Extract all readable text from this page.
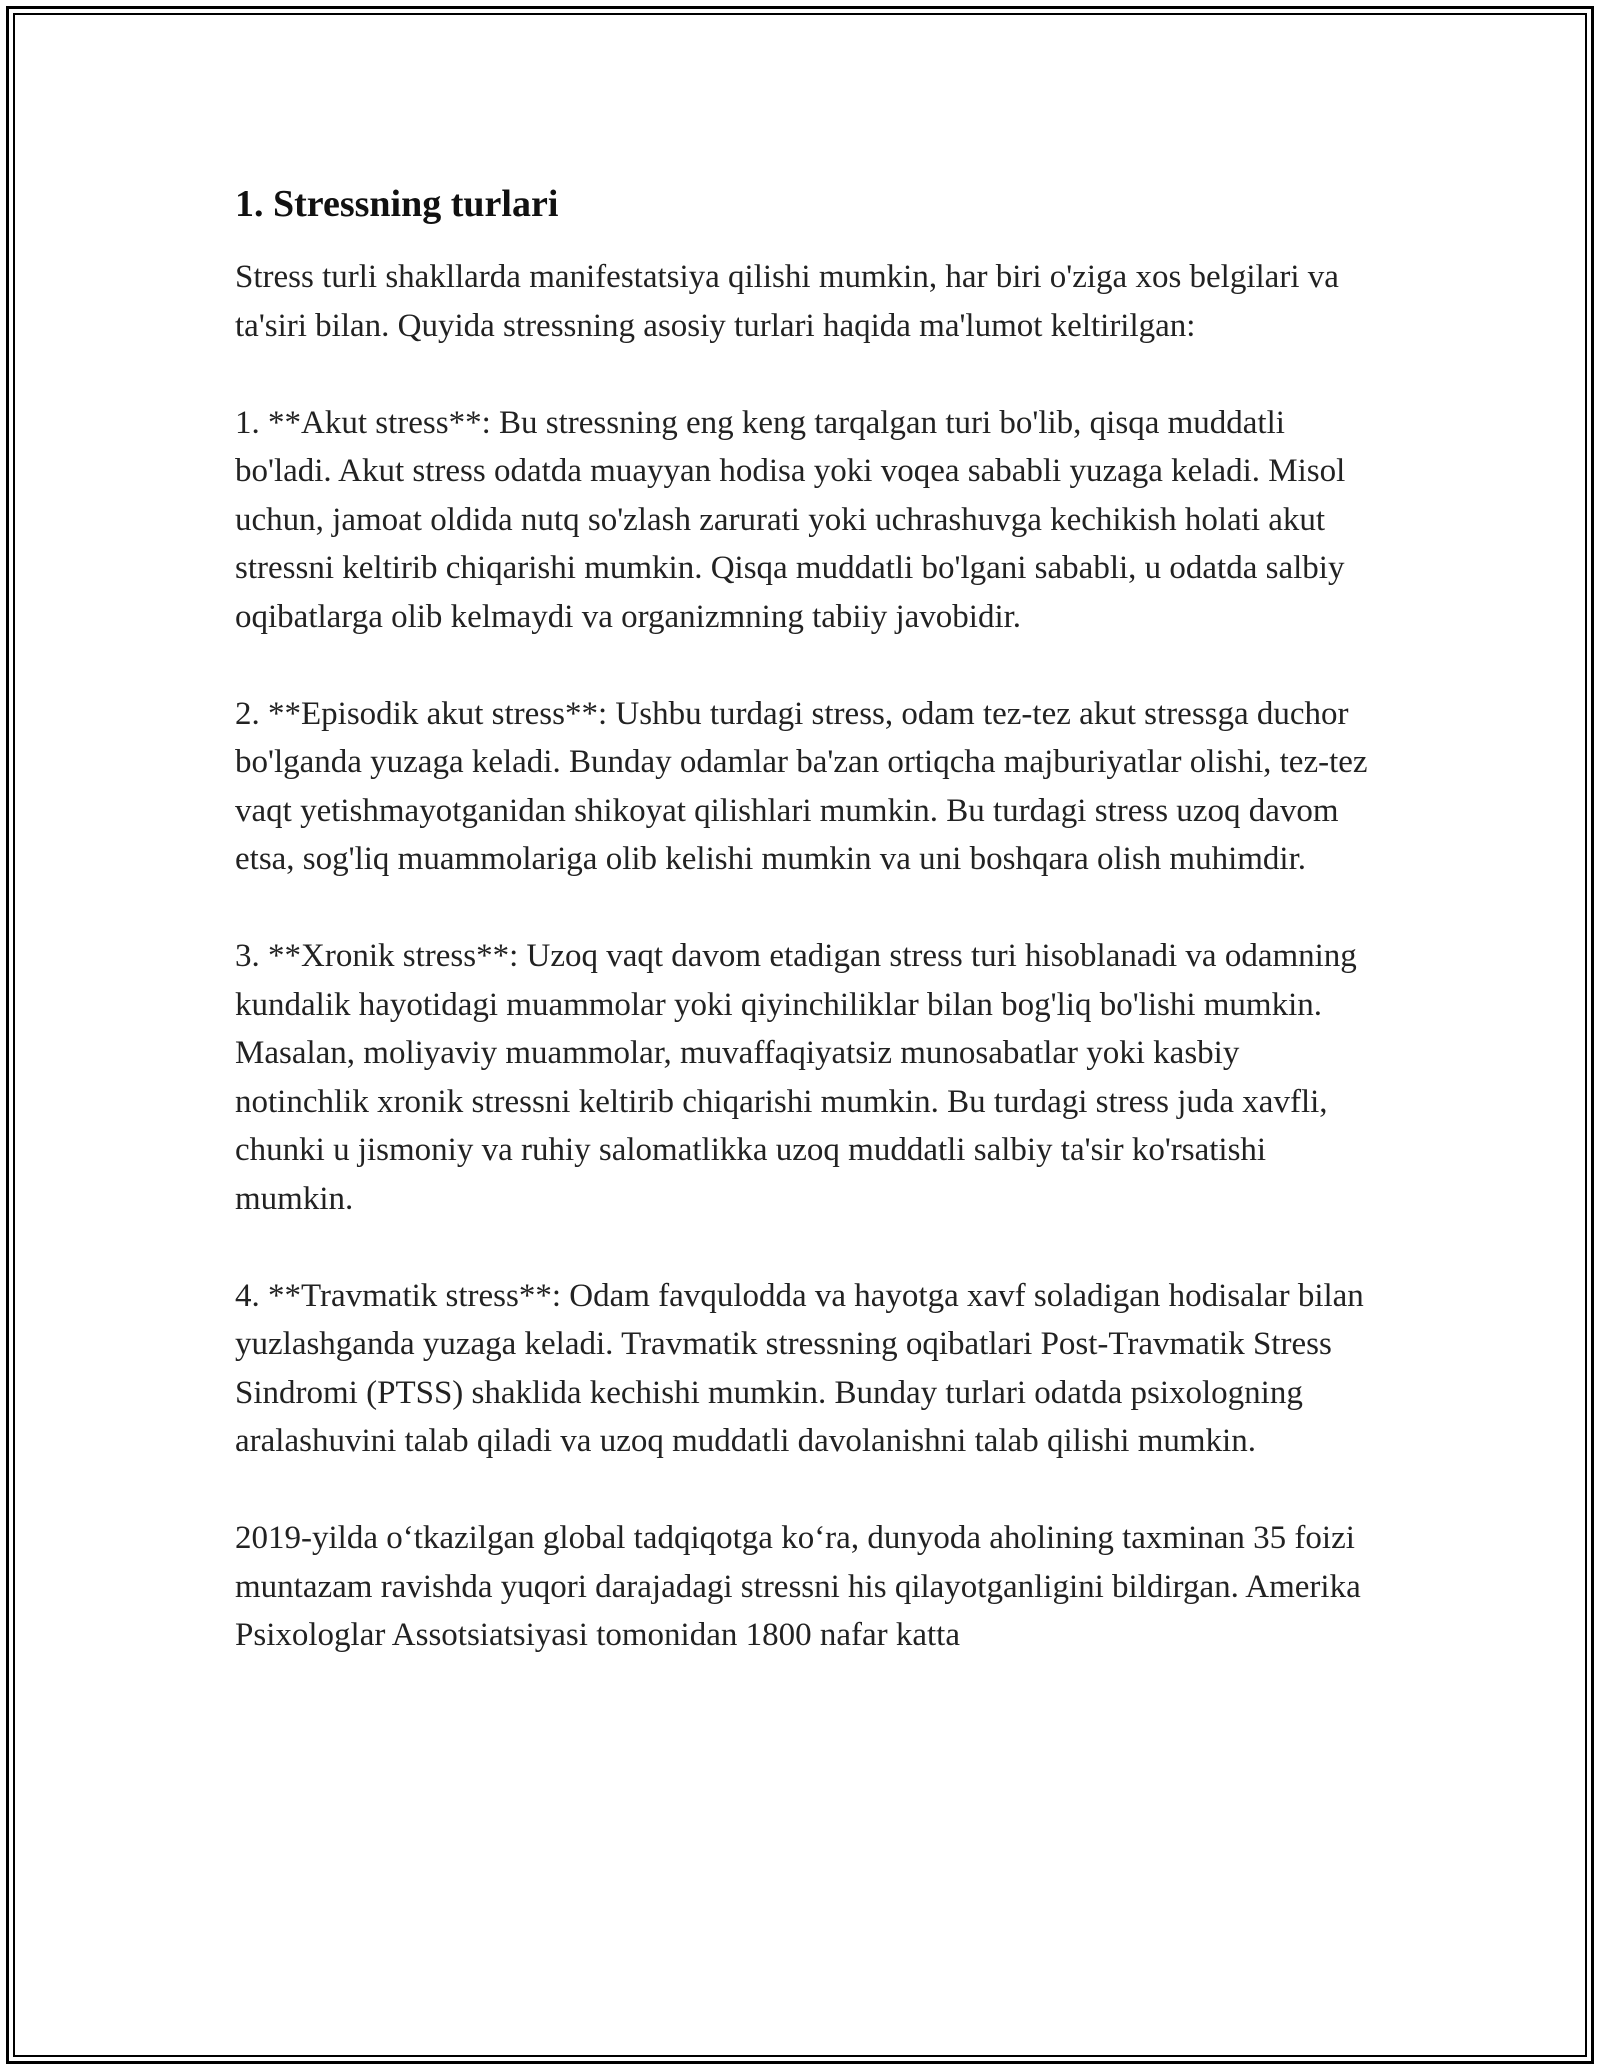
1. Stressning turlari

Stress turli shakllarda manifestatsiya qilishi mumkin, har biri o'ziga xos belgilari va ta'siri bilan. Quyida stressning asosiy turlari haqida ma'lumot keltirilgan:

1. **Akut stress**: Bu stressning eng keng tarqalgan turi bo'lib, qisqa muddatli bo'ladi. Akut stress odatda muayyan hodisa yoki voqea sababli yuzaga keladi. Misol uchun, jamoat oldida nutq so'zlash zarurati yoki uchrashuvga kechikish holati akut stressni keltirib chiqarishi mumkin. Qisqa muddatli bo'lgani sababli, u odatda salbiy oqibatlarga olib kelmaydi va organizmning tabiiy javobidir.

2. **Episodik akut stress**: Ushbu turdagi stress, odam tez-tez akut stressga duchor bo'lganda yuzaga keladi. Bunday odamlar ba'zan ortiqcha majburiyatlar olishi, tez-tez vaqt yetishmayotganidan shikoyat qilishlari mumkin. Bu turdagi stress uzoq davom etsa, sog'liq muammolariga olib kelishi mumkin va uni boshqara olish muhimdir.

3. **Xronik stress**: Uzoq vaqt davom etadigan stress turi hisoblanadi va odamning kundalik hayotidagi muammolar yoki qiyinchiliklar bilan bog'liq bo'lishi mumkin. Masalan, moliyaviy muammolar, muvaffaqiyatsiz munosabatlar yoki kasbiy notinchlik xronik stressni keltirib chiqarishi mumkin. Bu turdagi stress juda xavfli, chunki u jismoniy va ruhiy salomatlikka uzoq muddatli salbiy ta'sir ko'rsatishi mumkin.

4. **Travmatik stress**: Odam favqulodda va hayotga xavf soladigan hodisalar bilan yuzlashganda yuzaga keladi. Travmatik stressning oqibatlari Post-Travmatik Stress Sindromi (PTSS) shaklida kechishi mumkin. Bunday turlari odatda psixologning aralashuvini talab qiladi va uzoq muddatli davolanishni talab qilishi mumkin.

2019-yilda o‘tkazilgan global tadqiqotga ko‘ra, dunyoda aholining taxminan 35 foizi muntazam ravishda yuqori darajadagi stressni his qilayotganligini bildirgan. Amerika Psixologlar Assotsiatsiyasi tomonidan 1800 nafar katta
